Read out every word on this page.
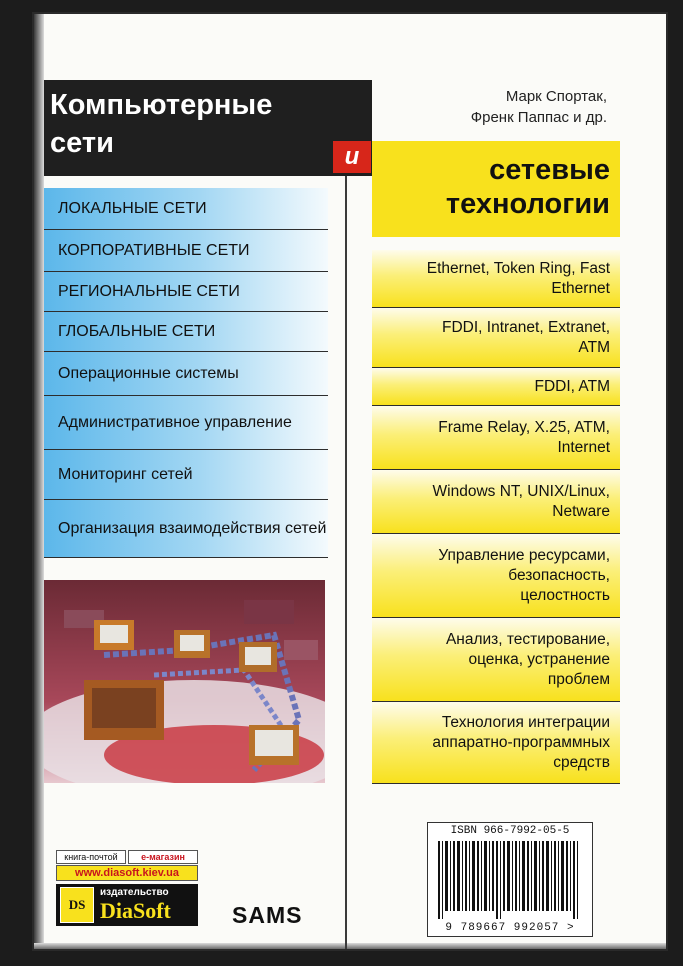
Компьютерные
сети
Марк Спортак,
Френк Паппас и др.
и	сетевые
технологии
ЛОКАЛЬНЫЕ СЕТИ
КОРПОРАТИВНЫЕ СЕТИ
РЕГИОНАЛЬНЫЕ СЕТИ
ГЛОБАЛЬНЫЕ СЕТИ
Операционные системы
Административное управление
Мониторинг сетей
Организация взаимодействия сетей
Ethernet, Token Ring, Fast
Ethernet
FDDI, Intranet, Extranet,
ATM
FDDI, ATM
Frame Relay, X.25, ATM,
Internet
Windows NT, UNIX/Linux,
Netware
Управление ресурсами,
безопасность,
целостность
Анализ, тестирование,
оценка, устранение
проблем
Технология интеграции
аппаратно-программных
средств
книга-почтой	е-магазин
www.diasoft.kiev.ua
DS
издательство
DiaSoft	SAMS
ISBN 966-7992-05-5
9 789667 992057 >
